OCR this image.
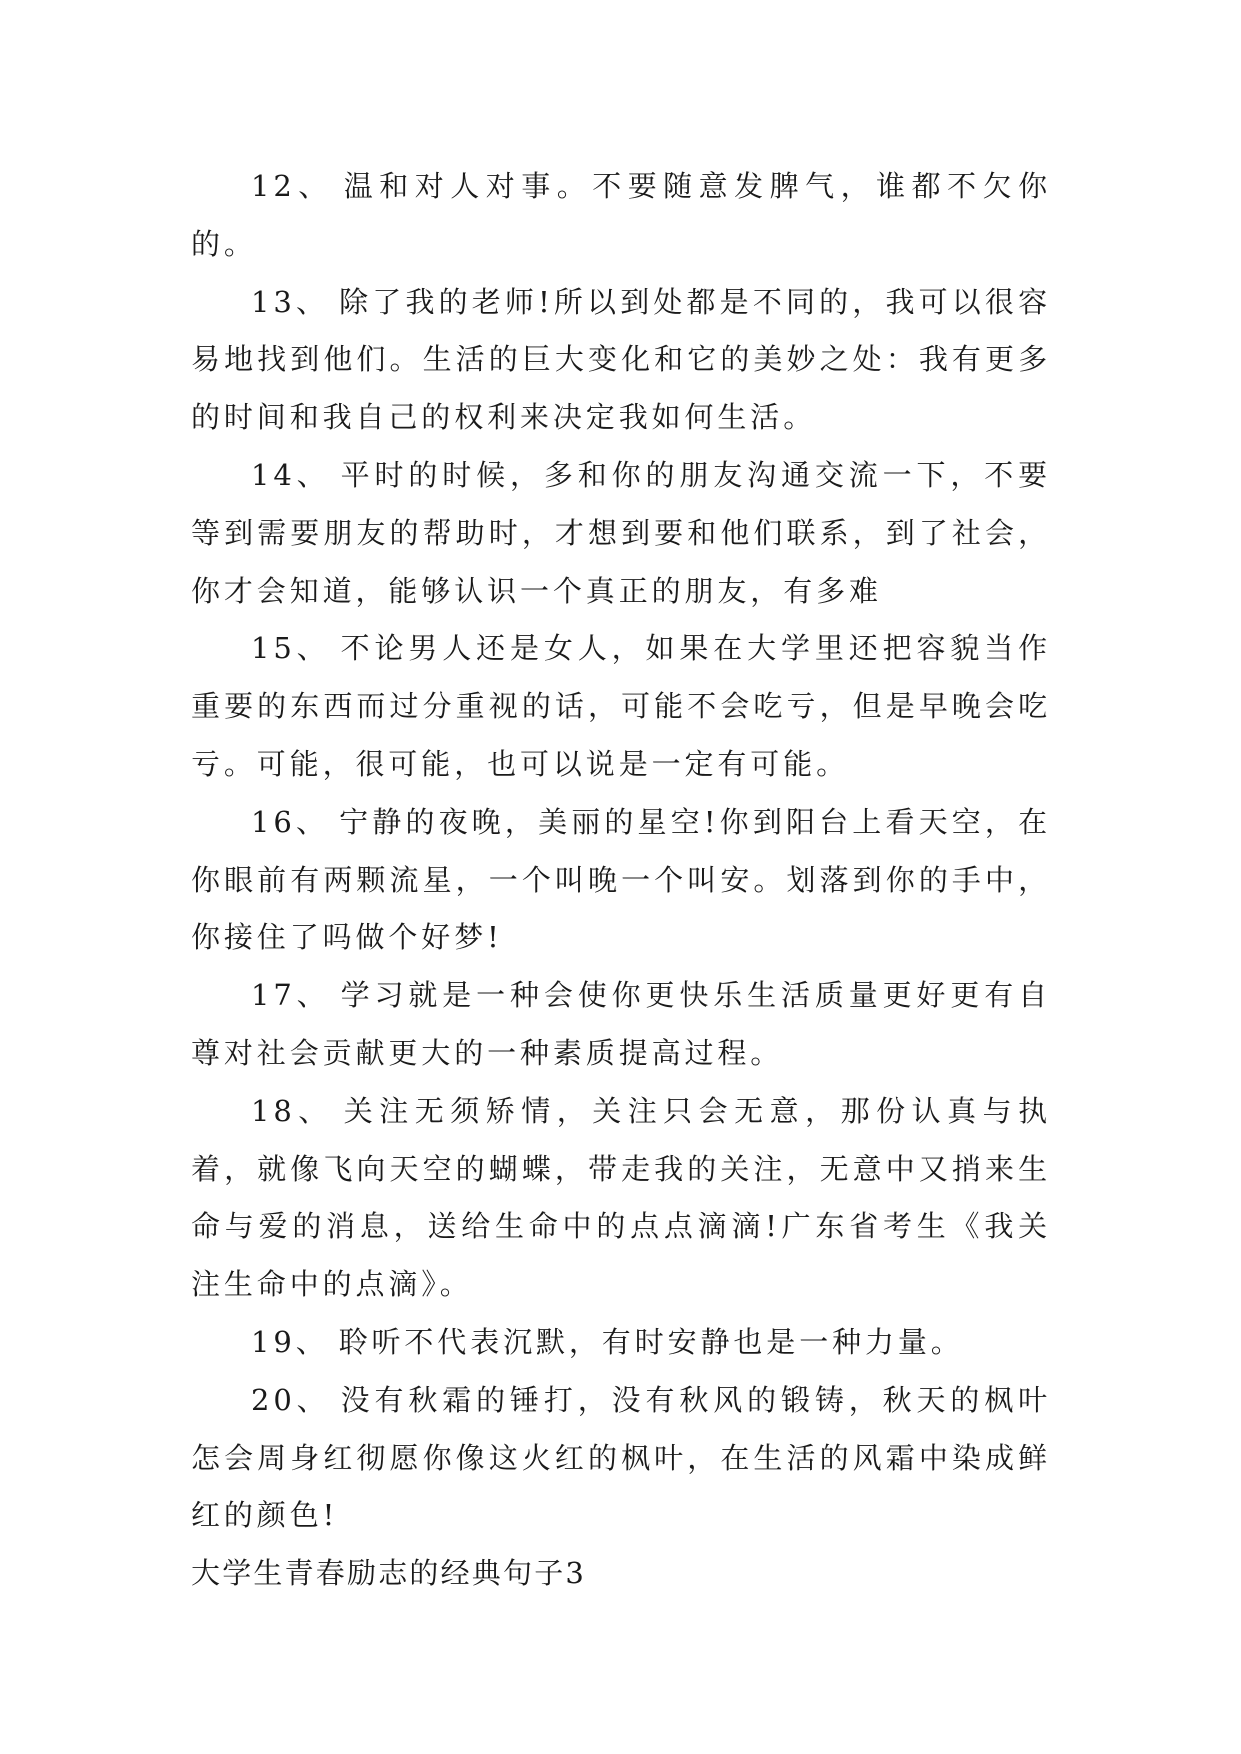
12、 温和对人对事。不要随意发脾气，谁都不欠你的。

13、 除了我的老师!所以到处都是不同的，我可以很容易地找到他们。生活的巨大变化和它的美妙之处：我有更多的时间和我自己的权利来决定我如何生活。

14、 平时的时候，多和你的朋友沟通交流一下，不要等到需要朋友的帮助时，才想到要和他们联系，到了社会，你才会知道，能够认识一个真正的朋友，有多难

15、 不论男人还是女人，如果在大学里还把容貌当作重要的东西而过分重视的话，可能不会吃亏，但是早晚会吃亏。可能，很可能，也可以说是一定有可能。

16、 宁静的夜晚，美丽的星空!你到阳台上看天空，在你眼前有两颗流星，一个叫晚一个叫安。划落到你的手中，你接住了吗做个好梦!

17、 学习就是一种会使你更快乐生活质量更好更有自尊对社会贡献更大的一种素质提高过程。

18、 关注无须矫情，关注只会无意，那份认真与执着，就像飞向天空的蝴蝶，带走我的关注，无意中又捎来生命与爱的消息，送给生命中的点点滴滴!广东省考生《我关注生命中的点滴》。

19、 聆听不代表沉默，有时安静也是一种力量。

20、 没有秋霜的锤打，没有秋风的锻铸，秋天的枫叶怎会周身红彻愿你像这火红的枫叶，在生活的风霜中染成鲜红的颜色!

大学生青春励志的经典句子3
